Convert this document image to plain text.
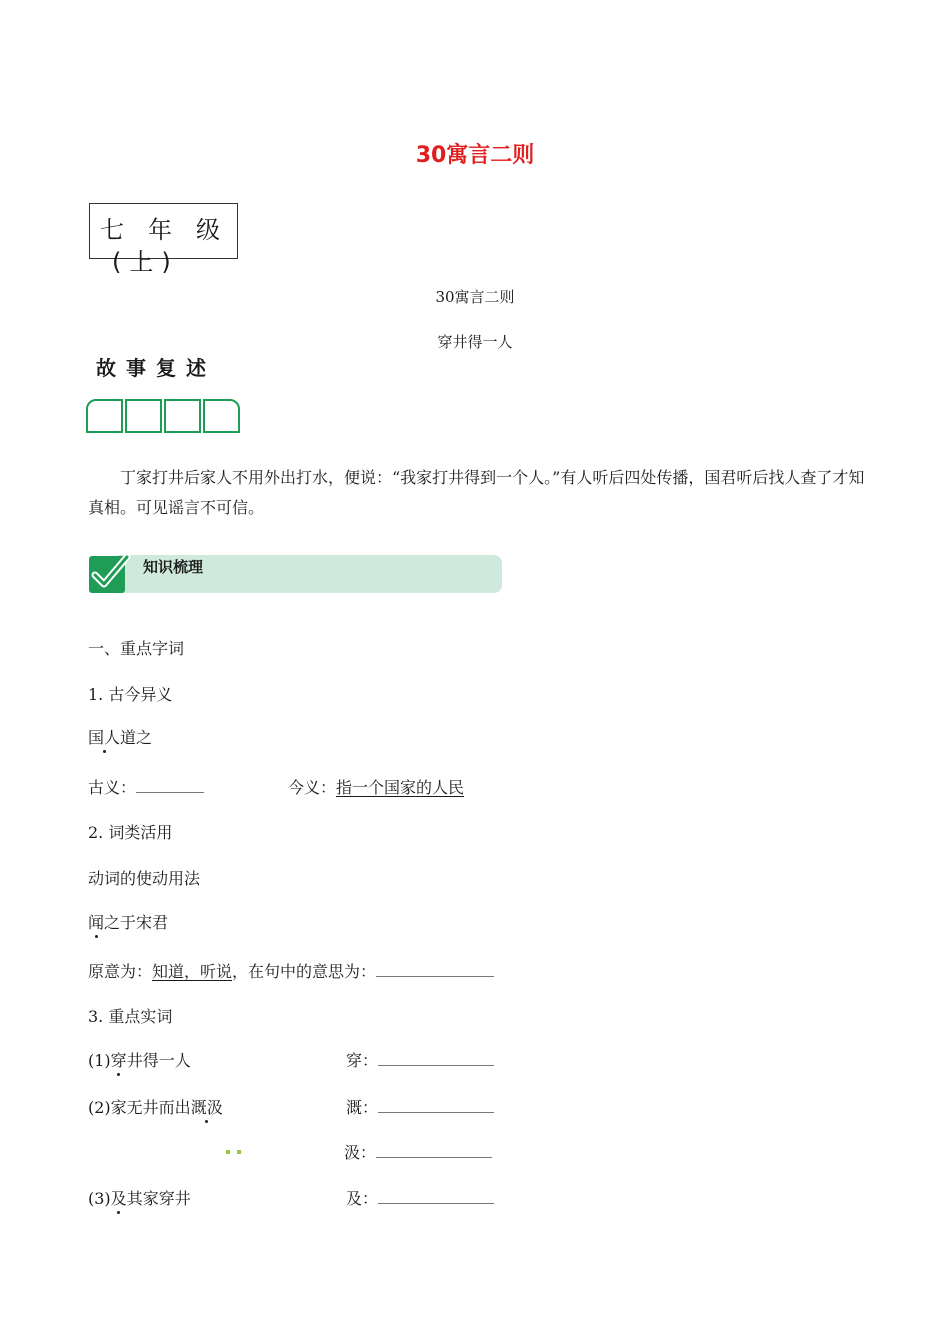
30寓言二则
七年级
(上)
30寓言二则
穿井得一人
故事复述
丁家打井后家人不用外出打水，便说：“我家打井得到一个人。”有人听后四处传播，国君听后找人查了才知真相。可见谣言不可信。
知识梳理
一、重点字词
1. 古今异义
国人道之
古义：	今义：指一个国家的人民
2. 词类活用
动词的使动用法
闻之于宋君
原意为：知道，听说，在句中的意思为：
3. 重点实词
(1)穿井得一人	穿：
(2)家无井而出溉汲	溉：
汲：
(3)及其家穿井	及：
